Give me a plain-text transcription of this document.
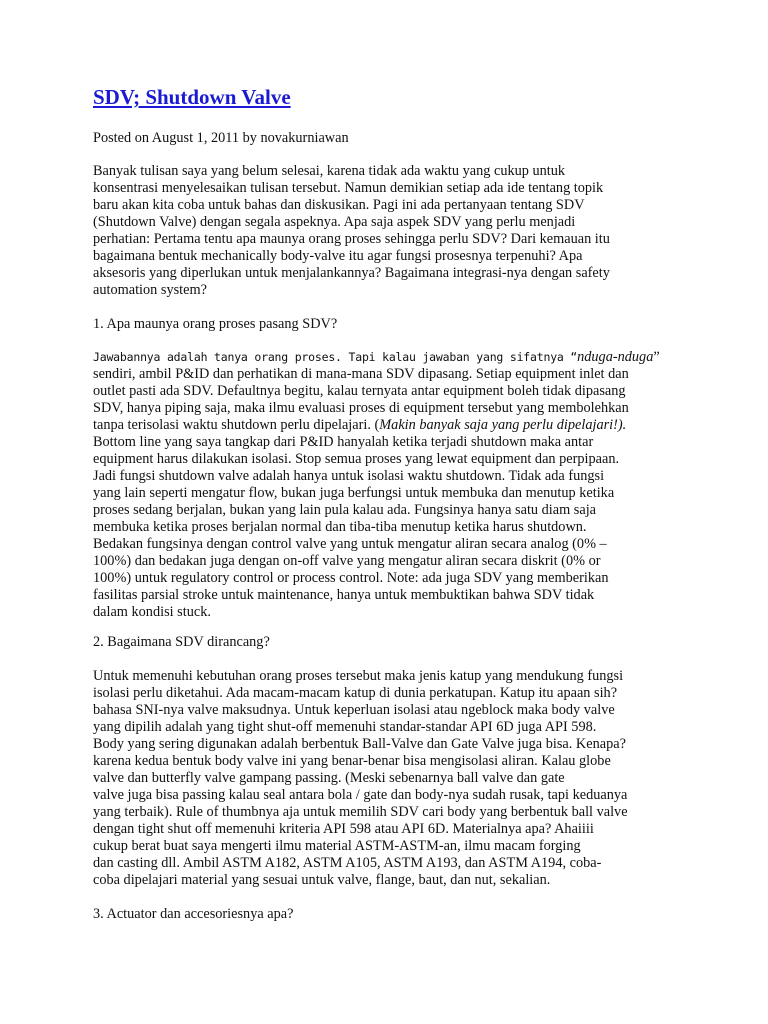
SDV; Shutdown Valve
Posted on August 1, 2011 by novakurniawan
Banyak tulisan saya yang belum selesai, karena tidak ada waktu yang cukup untuk
konsentrasi menyelesaikan tulisan tersebut. Namun demikian setiap ada ide tentang topik
baru akan kita coba untuk bahas dan diskusikan. Pagi ini ada pertanyaan tentang SDV
(Shutdown Valve) dengan segala aspeknya. Apa saja aspek SDV yang perlu menjadi
perhatian: Pertama tentu apa maunya orang proses sehingga perlu SDV? Dari kemauan itu
bagaimana bentuk mechanically body-valve itu agar fungsi prosesnya terpenuhi? Apa
aksesoris yang diperlukan untuk menjalankannya? Bagaimana integrasi-nya dengan safety
automation system?
1. Apa maunya orang proses pasang SDV?
Jawabannya adalah tanya orang proses. Tapi kalau jawaban yang sifatnya “nduga-nduga”
sendiri, ambil P&ID dan perhatikan di mana-mana SDV dipasang. Setiap equipment inlet dan
outlet pasti ada SDV. Defaultnya begitu, kalau ternyata antar equipment boleh tidak dipasang
SDV, hanya piping saja, maka ilmu evaluasi proses di equipment tersebut yang membolehkan
tanpa terisolasi waktu shutdown perlu dipelajari. (Makin banyak saja yang perlu dipelajari!).
Bottom line yang saya tangkap dari P&ID hanyalah ketika terjadi shutdown maka antar
equipment harus dilakukan isolasi. Stop semua proses yang lewat equipment dan perpipaan.
Jadi fungsi shutdown valve adalah hanya untuk isolasi waktu shutdown. Tidak ada fungsi
yang lain seperti mengatur flow, bukan juga berfungsi untuk membuka dan menutup ketika
proses sedang berjalan, bukan yang lain pula kalau ada. Fungsinya hanya satu diam saja
membuka ketika proses berjalan normal dan tiba-tiba menutup ketika harus shutdown.
Bedakan fungsinya dengan control valve yang untuk mengatur aliran secara analog (0% –
100%) dan bedakan juga dengan on-off valve yang mengatur aliran secara diskrit (0% or
100%) untuk regulatory control or process control. Note: ada juga SDV yang memberikan
fasilitas parsial stroke untuk maintenance, hanya untuk membuktikan bahwa SDV tidak
dalam kondisi stuck.
2. Bagaimana SDV dirancang?
Untuk memenuhi kebutuhan orang proses tersebut maka jenis katup yang mendukung fungsi
isolasi perlu diketahui. Ada macam-macam katup di dunia perkatupan. Katup itu apaan sih?
bahasa SNI-nya valve maksudnya. Untuk keperluan isolasi atau ngeblock maka body valve
yang dipilih adalah yang tight shut-off memenuhi standar-standar API 6D juga API 598.
Body yang sering digunakan adalah berbentuk Ball-Valve dan Gate Valve juga bisa. Kenapa?
karena kedua bentuk body valve ini yang benar-benar bisa mengisolasi aliran. Kalau globe
valve dan butterfly valve gampang passing. (Meski sebenarnya ball valve dan gate
valve juga bisa passing kalau seal antara bola / gate dan body-nya sudah rusak, tapi keduanya
yang terbaik). Rule of thumbnya aja untuk memilih SDV cari body yang berbentuk ball valve
dengan tight shut off memenuhi kriteria API 598 atau API 6D. Materialnya apa? Ahaiiii
cukup berat buat saya mengerti ilmu material ASTM-ASTM-an, ilmu macam forging
dan casting dll. Ambil ASTM A182, ASTM A105, ASTM A193, dan ASTM A194, coba-
coba dipelajari material yang sesuai untuk valve, flange, baut, dan nut, sekalian.
3. Actuator dan accesoriesnya apa?
